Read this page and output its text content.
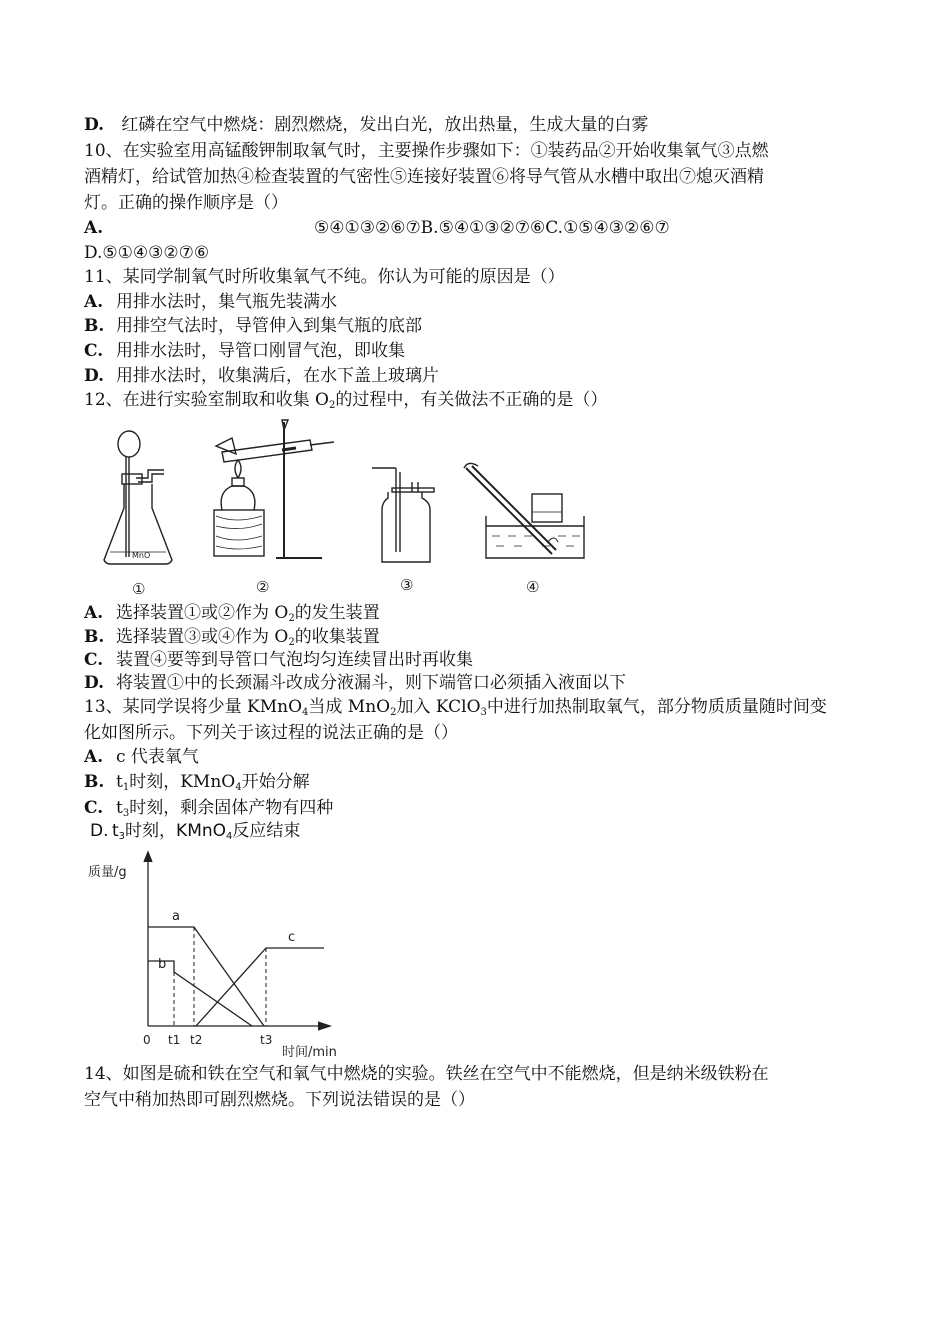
D. 红磷在空气中燃烧：剧烈燃烧，发出白光，放出热量，生成大量的白雾
10、在实验室用高锰酸钾制取氧气时，主要操作步骤如下：①装药品②开始收集氧气③点燃
酒精灯，给试管加热④检查装置的气密性⑤连接好装置⑥将导气管从水槽中取出⑦熄灭酒精
灯。正确的操作顺序是（）
A.	⑤④①③②⑥⑦B.⑤④①③②⑦⑥C.①⑤④③②⑥⑦
D.⑤①④③②⑦⑥
11、某同学制氧气时所收集氧气不纯。你认为可能的原因是（）
A. 用排水法时，集气瓶先装满水
B. 用排空气法时，导管伸入到集气瓶的底部
C. 用排水法时，导管口刚冒气泡，即收集
D. 用排水法时，收集满后，在水下盖上玻璃片
12、在进行实验室制取和收集 $O_2$的过程中，有关做法不正确的是（）
MnO
①	②	③	④
A. 选择装置①或②作为 $O_2$的发生装置
B. 选择装置③或④作为 $O_2$的收集装置
C. 装置④要等到导管口气泡均匀连续冒出时再收集
D. 将装置①中的长颈漏斗改成分液漏斗，则下端管口必须插入液面以下
13、某同学误将少量 KMnO$_4$当成 MnO$_2$加入 KClO$_3$中进行加热制取氧气，部分物质质量随时间变
化如图所示。下列关于该过程的说法正确的是（）
A. c 代表氧气
B. $t_1$时刻，KMnO$_4$开始分解
C. $t_3$时刻，剩余固体产物有四种
D. $t_3$时刻，KMnO$_4$反应结束
质量/g
时间/min
0 t1 t2	t3
a
b
c
14、如图是硫和铁在空气和氧气中燃烧的实验。铁丝在空气中不能燃烧，但是纳米级铁粉在
空气中稍加热即可剧烈燃烧。下列说法错误的是（）
